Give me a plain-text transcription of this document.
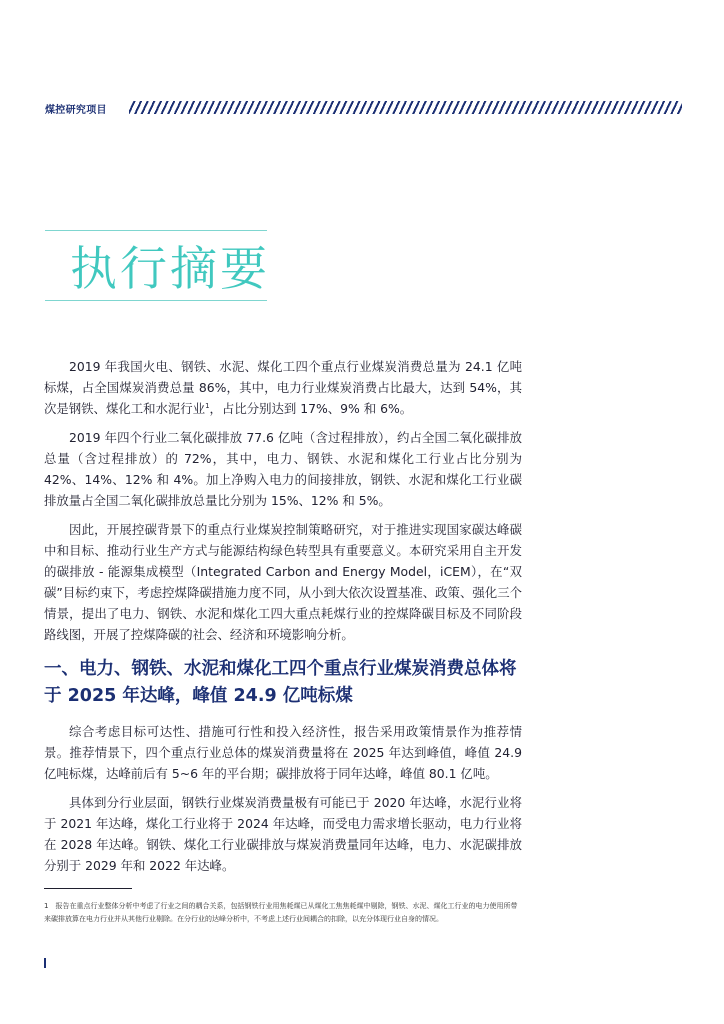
煤控研究项目
执行摘要

2019 年我国火电、钢铁、水泥、煤化工四个重点行业煤炭消费总量为 24.1 亿吨标煤，占全国煤炭消费总量 86%，其中，电力行业煤炭消费占比最大，达到 54%，其次是钢铁、煤化工和水泥行业$^1$，占比分别达到 17%、9% 和 6%。

2019 年四个行业二氧化碳排放 77.6 亿吨（含过程排放），约占全国二氧化碳排放总量（含过程排放）的 72%，其中，电力、钢铁、水泥和煤化工行业占比分别为 42%、14%、12% 和 4%。加上净购入电力的间接排放，钢铁、水泥和煤化工行业碳排放量占全国二氧化碳排放总量比分别为 15%、12% 和 5%。

因此，开展控碳背景下的重点行业煤炭控制策略研究，对于推进实现国家碳达峰碳中和目标、推动行业生产方式与能源结构绿色转型具有重要意义。本研究采用自主开发的碳排放 - 能源集成模型（Integrated Carbon and Energy Model，iCEM），在“双碳”目标约束下，考虑控煤降碳措施力度不同，从小到大依次设置基准、政策、强化三个情景，提出了电力、钢铁、水泥和煤化工四大重点耗煤行业的控煤降碳目标及不同阶段路线图，开展了控煤降碳的社会、经济和环境影响分析。

一、电力、钢铁、水泥和煤化工四个重点行业煤炭消费总体将于 2025 年达峰，峰值 24.9 亿吨标煤

综合考虑目标可达性、措施可行性和投入经济性，报告采用政策情景作为推荐情景。推荐情景下，四个重点行业总体的煤炭消费量将在 2025 年达到峰值，峰值 24.9 亿吨标煤，达峰前后有 5~6 年的平台期；碳排放将于同年达峰，峰值 80.1 亿吨。

具体到分行业层面，钢铁行业煤炭消费量极有可能已于 2020 年达峰，水泥行业将于 2021 年达峰，煤化工行业将于 2024 年达峰，而受电力需求增长驱动，电力行业将在 2028 年达峰。钢铁、煤化工行业碳排放与煤炭消费量同年达峰，电力、水泥碳排放分别于 2029 年和 2022 年达峰。

1　报告在重点行业整体分析中考虑了行业之间的耦合关系，包括钢铁行业用焦耗煤已从煤化工焦焦耗煤中剔除，钢铁、水泥、煤化工行业的电力使用所带来碳排放算在电力行业并从其他行业剔除。在分行业的达峰分析中，不考虑上述行业间耦合的扣除，以充分体现行业自身的情况。
